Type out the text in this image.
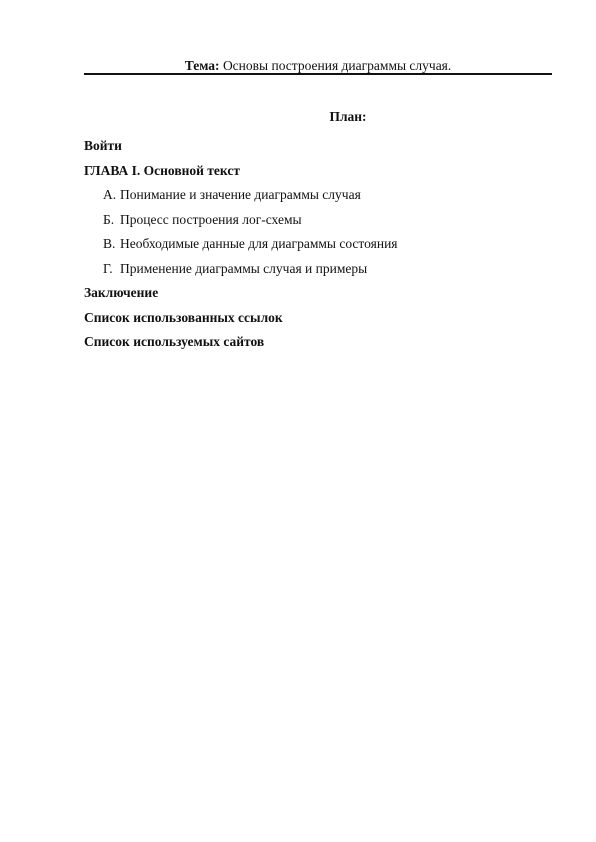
Тема: Основы построения диаграммы случая.
План:
Войти
ГЛАВА I. Основной текст
А. Понимание и значение диаграммы случая
Б. Процесс построения лог-схемы
В. Необходимые данные для диаграммы состояния
Г. Применение диаграммы случая и примеры
Заключение
Список использованных ссылок
Список используемых сайтов
